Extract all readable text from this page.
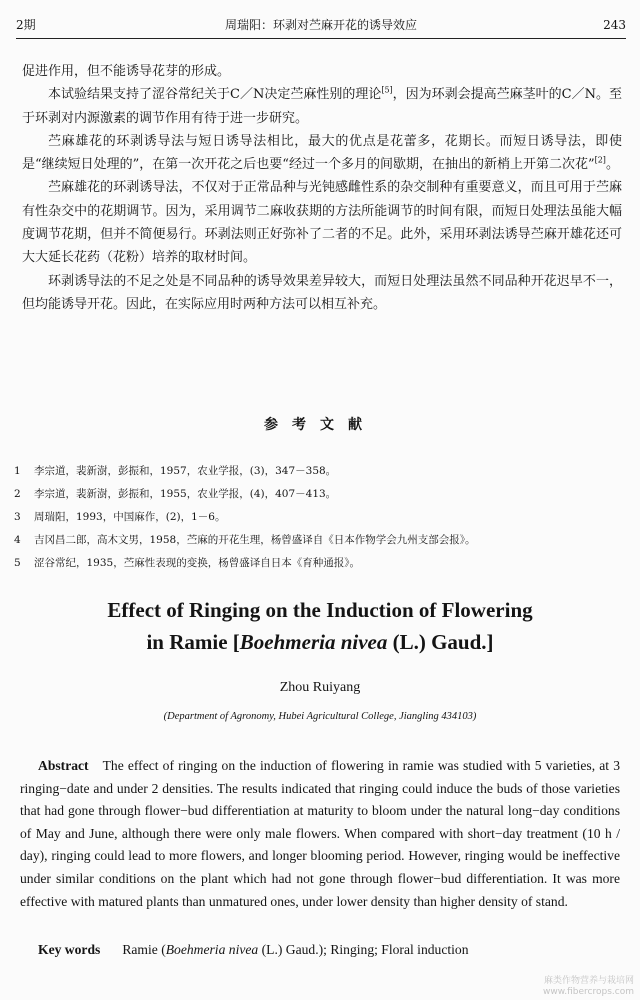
2期	周瑞阳：环剥对苎麻开花的诱导效应	243

促进作用，但不能诱导花芽的形成。

本试验结果支持了涩谷常纪关于C／N决定苎麻性别的理论[5]，因为环剥会提高苎麻茎叶的C／N。至于环剥对内源激素的调节作用有待于进一步研究。

苎麻雄花的环剥诱导法与短日诱导法相比，最大的优点是花蕾多，花期长。而短日诱导法，即使是“继续短日处理的”，在第一次开花之后也要“经过一个多月的间歇期，在抽出的新梢上开第二次花”[2]。

苎麻雄花的环剥诱导法，不仅对于正常品种与光钝感雌性系的杂交制种有重要意义，而且可用于苎麻有性杂交中的花期调节。因为，采用调节二麻收获期的方法所能调节的时间有限，而短日处理法虽能大幅度调节花期，但并不简便易行。环剥法则正好弥补了二者的不足。此外，采用环剥法诱导苎麻开雄花还可大大延长花药（花粉）培养的取材时间。

环剥诱导法的不足之处是不同品种的诱导效果差异较大，而短日处理法虽然不同品种开花迟早不一，但均能诱导开花。因此，在实际应用时两种方法可以相互补充。

参考文献
1 李宗道，裴新澍，彭振和，1957，农业学报，(3)，347－358。
2 李宗道，裴新澍，彭振和，1955，农业学报，(4)，407－413。
3 周瑞阳，1993，中国麻作，(2)，1－6。
4 吉冈昌二郎，高木文男，1958，苎麻的开花生理，杨曾盛译自《日本作物学会九州支部会报》。
5 涩谷常纪，1935，苎麻性表现的变换，杨曾盛译自日本《育种通报》。
Effect of Ringing on the Induction of Flowering
in Ramie [Boehmeria nivea (L.) Gaud.]
Zhou Ruiyang
(Department of Agronomy, Hubei Agricultural College, Jiangling 434103)

Abstract The effect of ringing on the induction of flowering in ramie was studied with 5 varieties, at 3 ringing−date and under 2 densities. The results indicated that ringing could induce the buds of those varieties that had gone through flower−bud differentiation at maturity to bloom under the natural long−day conditions of May and June, although there were only male flowers. When compared with short−day treatment (10 h / day), ringing could lead to more flowers, and longer blooming period. However, ringing would be ineffective under similar conditions on the plant which had not gone through flower−bud differentiation. It was more effective with matured plants than unmatured ones, under lower density than higher density of stand.

Key words Ramie (Boehmeria nivea (L.) Gaud.); Ringing; Floral induction
麻类作物营养与栽培网
www.fibercrops.com
